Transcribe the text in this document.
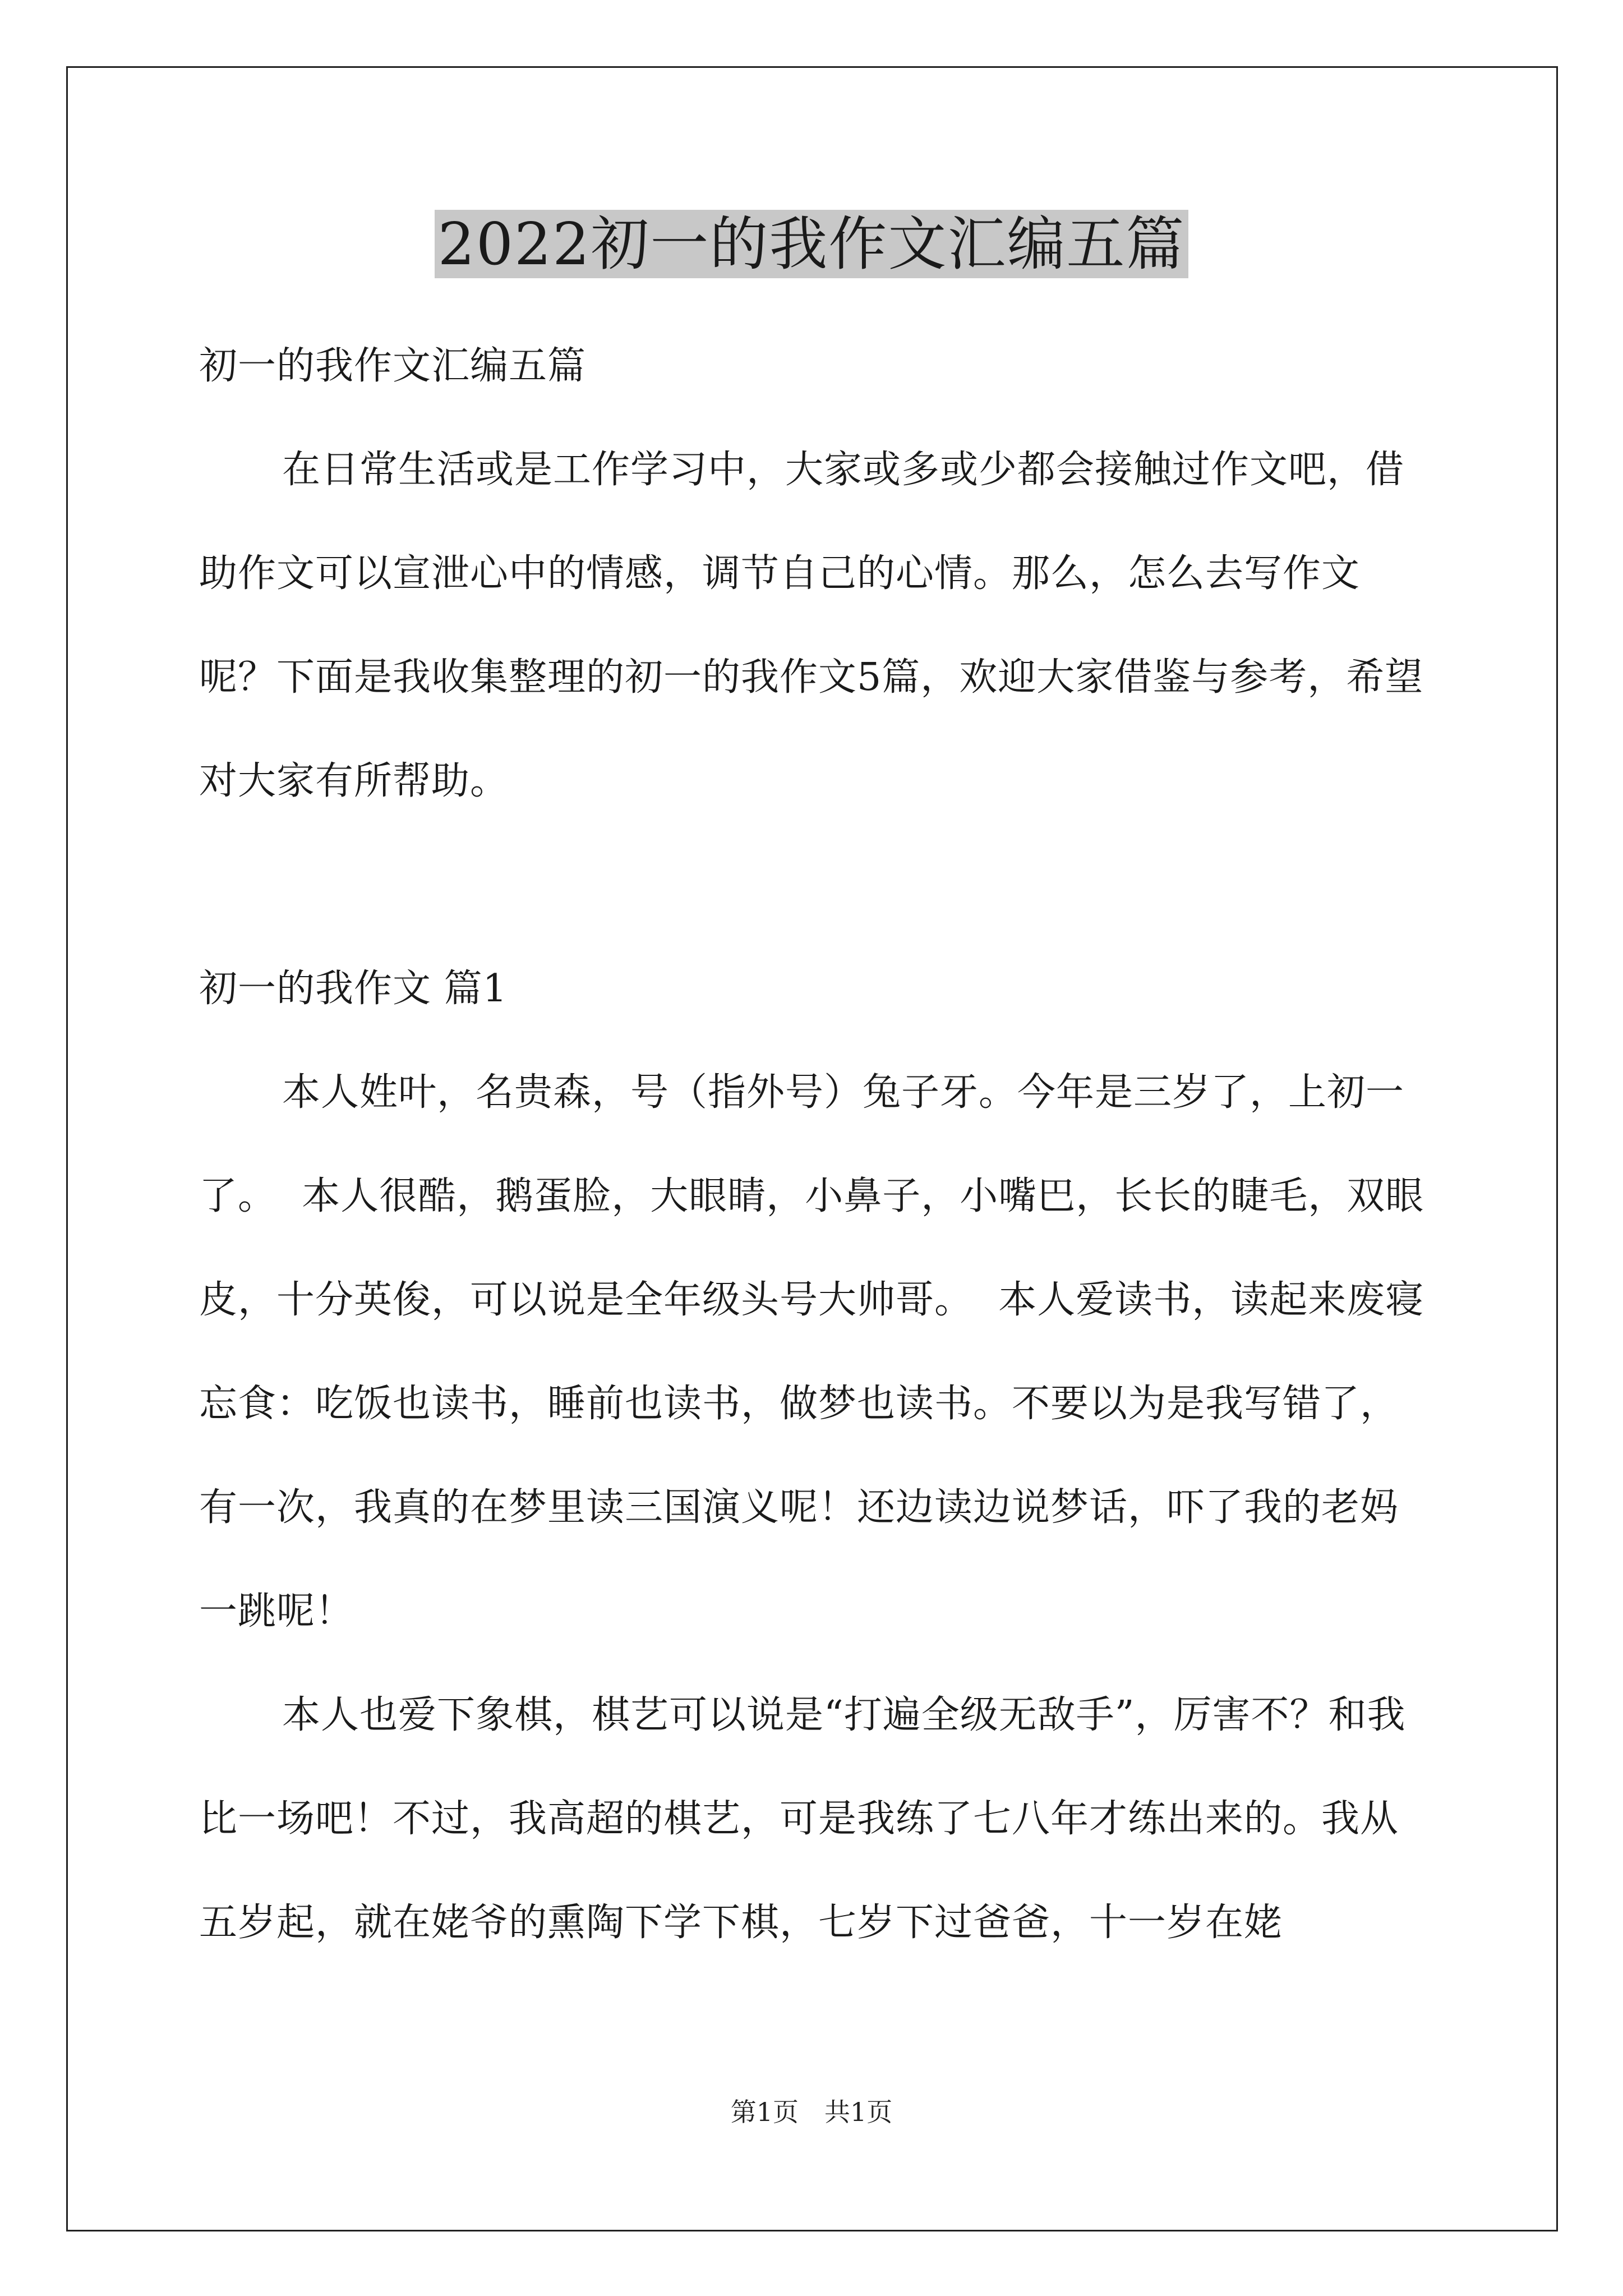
2022初一的我作文汇编五篇

初一的我作文汇编五篇

在日常生活或是工作学习中，大家或多或少都会接触过作文吧，借助作文可以宣泄心中的情感，调节自己的心情。那么，怎么去写作文呢？下面是我收集整理的初一的我作文5篇，欢迎大家借鉴与参考，希望对大家有所帮助。

初一的我作文 篇1

本人姓叶，名贵森，号（指外号）兔子牙。今年是三岁了，上初一了。  本人很酷，鹅蛋脸，大眼睛，小鼻子，小嘴巴，长长的睫毛，双眼皮，十分英俊，可以说是全年级头号大帅哥。  本人爱读书，读起来废寝忘食：吃饭也读书，睡前也读书，做梦也读书。不要以为是我写错了，有一次，我真的在梦里读三国演义呢！还边读边说梦话，吓了我的老妈一跳呢！

本人也爱下象棋，棋艺可以说是“打遍全级无敌手”，厉害不？和我比一场吧！不过，我高超的棋艺，可是我练了七八年才练出来的。我从五岁起，就在姥爷的熏陶下学下棋，七岁下过爸爸，十一岁在姥

第1页　共1页
